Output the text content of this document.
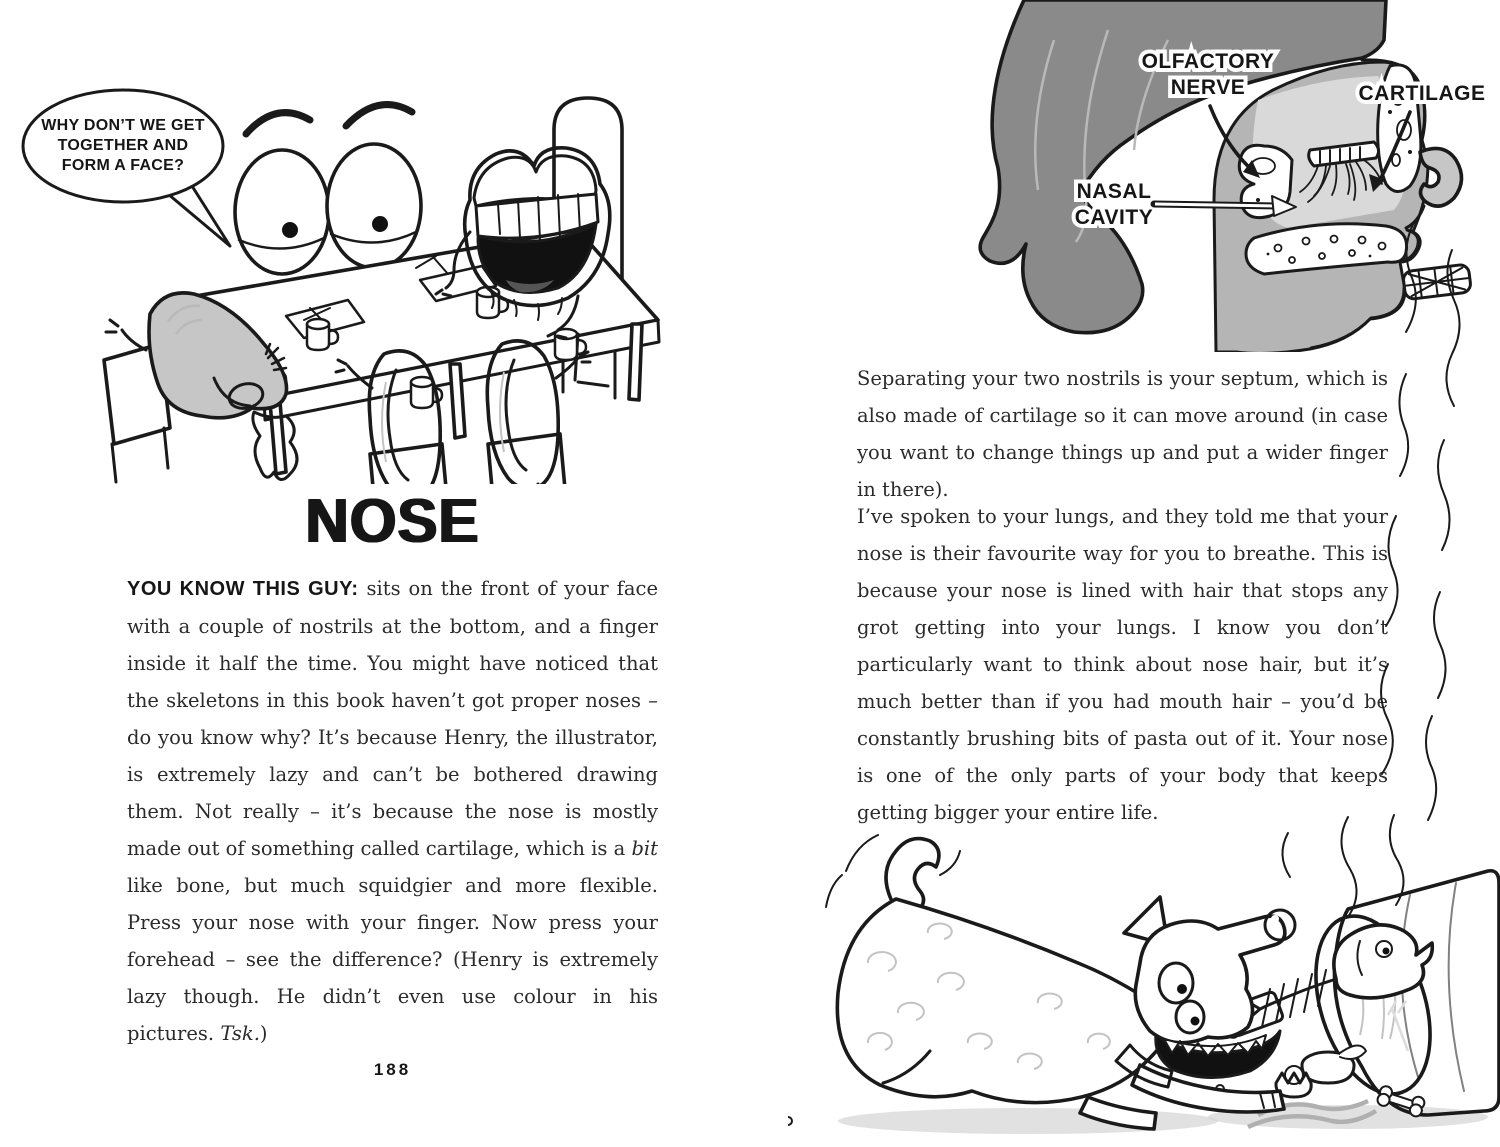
WHY DON’T WE GET
TOGETHER AND
FORM A FACE?
NOSE

YOU KNOW THIS GUY: sits on the front of your face with a couple of nostrils at the bottom, and a finger inside it half the time. You might have noticed that the skeletons in this book haven’t got proper noses – do you know why? It’s because Henry, the illustrator, is extremely lazy and can’t be bothered drawing them. Not really – it’s because the nose is mostly made out of something called cartilage, which is a bit like bone, but much squidgier and more flexible. Press your nose with your finger. Now press your forehead – see the difference? (Henry is extremely lazy though. He didn’t even use colour in his pictures. Tsk.)

188
OLFACTORY
NERVE	CARTILAGE
NASAL
CAVITY

Separating your two nostrils is your septum, which is also made of cartilage so it can move around (in case you want to change things up and put a wider finger in there).

I’ve spoken to your lungs, and they told me that your nose is their favourite way for you to breathe. This is because your nose is lined with hair that stops any grot getting into your lungs. I know you don’t particularly want to think about nose hair, but it’s much better than if you had mouth hair – you’d be constantly brushing bits of pasta out of it. Your nose is one of the only parts of your body that keeps getting bigger your entire life.
